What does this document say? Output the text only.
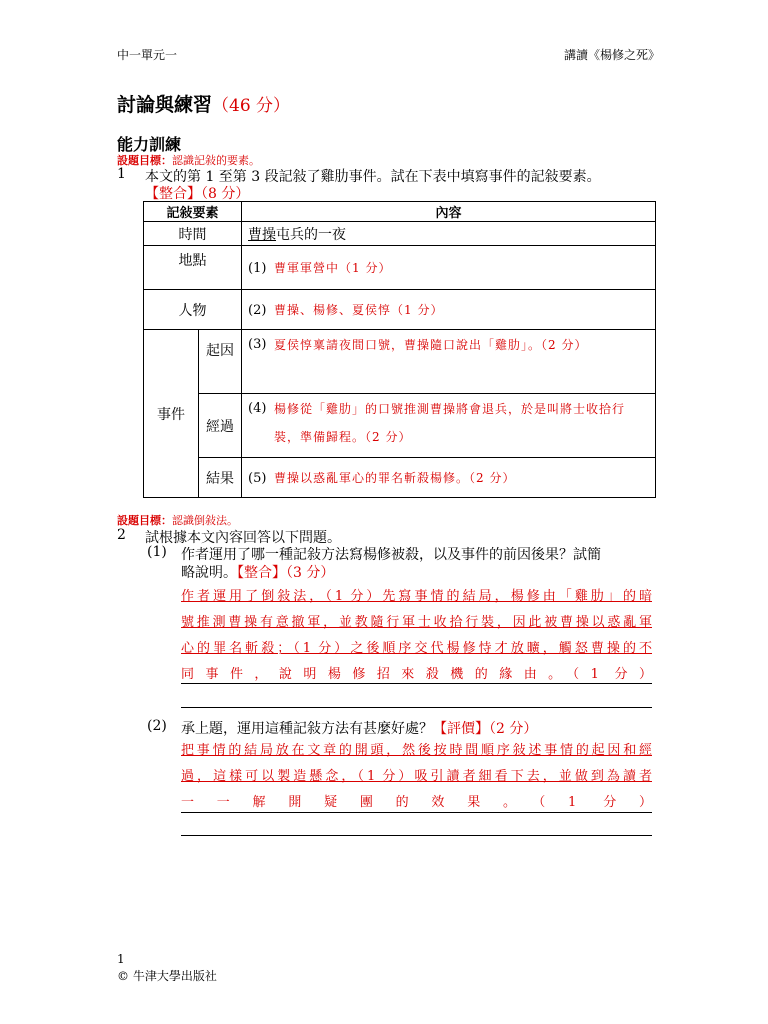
中一單元一	講讀《楊修之死》
討論與練習（46 分）
能力訓練
設題目標：認識記敍的要素。
1 本文的第 1 至第 3 段記敍了雞肋事件。試在下表中填寫事件的記敍要素。
【整合】（8 分）
記敍要素		內容
時間		曹操屯兵的一夜
地點		(1) 曹軍軍營中（1 分）
人物		(2) 曹操、楊修、夏侯惇（1 分）
事件	起因	(3) 夏侯惇稟請夜間口號，曹操隨口說出「雞肋」。（2 分）

	經過	(4) 楊修從「雞肋」的口號推測曹操將會退兵，於是叫將士收拾行裝，準備歸程。（2 分）

	結果	(5) 曹操以惑亂軍心的罪名斬殺楊修。（2 分）
設題目標：認識倒敍法。
2 試根據本文內容回答以下問題。
(1) 作者運用了哪一種記敍方法寫楊修被殺，以及事件的前因後果？試簡
略說明。【整合】（3 分）
作者運用了倒敍法，（1 分）先寫事情的結局，楊修由「雞肋」的暗
號推測曹操有意撤軍，並教隨行軍士收拾行裝，因此被曹操以惑亂軍
心的罪名斬殺；（1 分）之後順序交代楊修恃才放曠，觸怒曹操的不
同事件，說明楊修招來殺機的緣由。（1 分）
(2) 承上題，運用這種記敍方法有甚麼好處？【評價】（2 分）
把事情的結局放在文章的開頭，然後按時間順序敍述事情的起因和經
過，這樣可以製造懸念，（1 分）吸引讀者細看下去，並做到為讀者
一一解開疑團的效果。（1 分）
1
© 牛津大學出版社
